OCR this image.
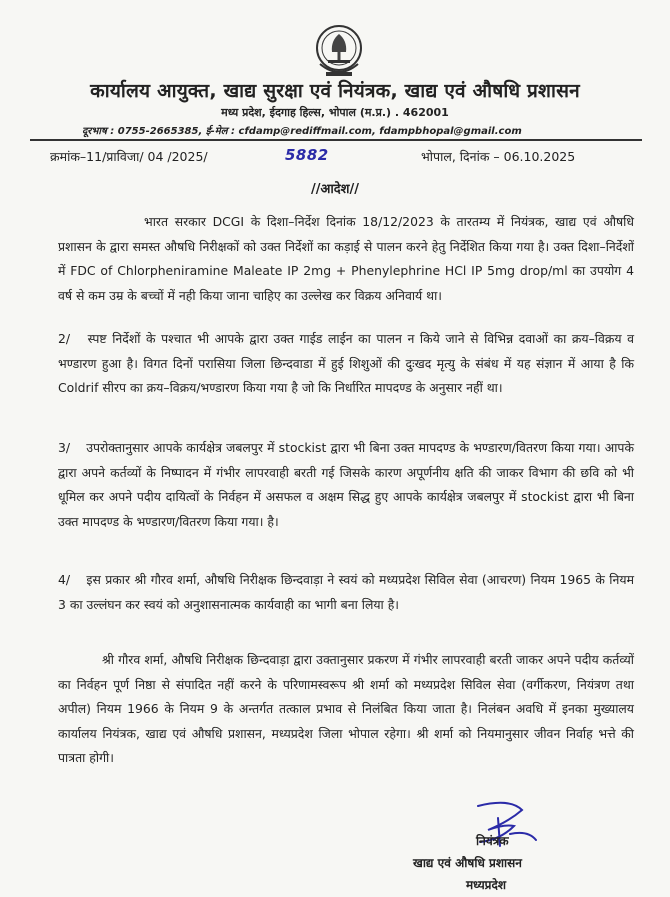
कार्यालय आयुक्त, खाद्य सुरक्षा एवं नियंत्रक, खाद्य एवं औषधि प्रशासन
मध्य प्रदेश, ईदगाह हिल्स, भोपाल (म.प्र.) . 462001
दूरभाष : 0755-2665385, ई-मेल : cfdamp@rediffmail.com, fdampbhopal@gmail.com
क्रमांक–11/प्राविजा/ 04 /2025/	5882	भोपाल, दिनांक – 06.10.2025
//आदेश//

भारत सरकार DCGI के दिशा–निर्देश दिनांक 18/12/2023 के तारतम्य में नियंत्रक, खाद्य एवं औषधि प्रशासन के द्वारा समस्त औषधि निरीक्षकों को उक्त निर्देशों का कड़ाई से पालन करने हेतु निर्देशित किया गया है। उक्त दिशा–निर्देशों में FDC of Chlorpheniramine Maleate IP 2mg + Phenylephrine HCl IP 5mg drop/ml का उपयोग 4 वर्ष से कम उम्र के बच्चों में नही किया जाना चाहिए का उल्लेख कर विक्रय अनिवार्य था।

2/ स्पष्ट निर्देशों के पश्चात भी आपके द्वारा उक्त गाईड लाईन का पालन न किये जाने से विभिन्न दवाओं का क्रय–विक्रय व भण्डारण हुआ है। विगत दिनों परासिया जिला छिन्दवाडा में हुई शिशुओं की दुःखद मृत्यु के संबंध में यह संज्ञान में आया है कि Coldrif सीरप का क्रय–विक्रय/भण्डारण किया गया है जो कि निर्धारित मापदण्ड के अनुसार नहीं था।

3/ उपरोक्तानुसार आपके कार्यक्षेत्र जबलपुर में stockist द्वारा भी बिना उक्त मापदण्ड के भण्डारण/वितरण किया गया। आपके द्वारा अपने कर्तव्यों के निष्पादन में गंभीर लापरवाही बरती गई जिसके कारण अपूर्णनीय क्षति की जाकर विभाग की छवि को भी धूमिल कर अपने पदीय दायित्वों के निर्वहन में असफल व अक्षम सिद्ध हुए आपके कार्यक्षेत्र जबलपुर में stockist द्वारा भी बिना उक्त मापदण्ड के भण्डारण/वितरण किया गया। है।

4/ इस प्रकार श्री गौरव शर्मा, औषधि निरीक्षक छिन्दवाड़ा ने स्वयं को मध्यप्रदेश सिविल सेवा (आचरण) नियम 1965 के नियम 3 का उल्लंघन कर स्वयं को अनुशासनात्मक कार्यवाही का भागी बना लिया है।

श्री गौरव शर्मा, औषधि निरीक्षक छिन्दवाड़ा द्वारा उक्तानुसार प्रकरण में गंभीर लापरवाही बरती जाकर अपने पदीय कर्तव्यों का निर्वहन पूर्ण निष्ठा से संपादित नहीं करने के परिणामस्वरूप श्री शर्मा को मध्यप्रदेश सिविल सेवा (वर्गीकरण, नियंत्रण तथा अपील) नियम 1966 के नियम 9 के अन्तर्गत तत्काल प्रभाव से निलंबित किया जाता है। निलंबन अवधि में इनका मुख्यालय कार्यालय नियंत्रक, खाद्य एवं औषधि प्रशासन, मध्यप्रदेश जिला भोपाल रहेगा। श्री शर्मा को नियमानुसार जीवन निर्वाह भत्ते की पात्रता होगी।

नियंत्रक
खाद्य एवं औषधि प्रशासन
मध्यप्रदेश
